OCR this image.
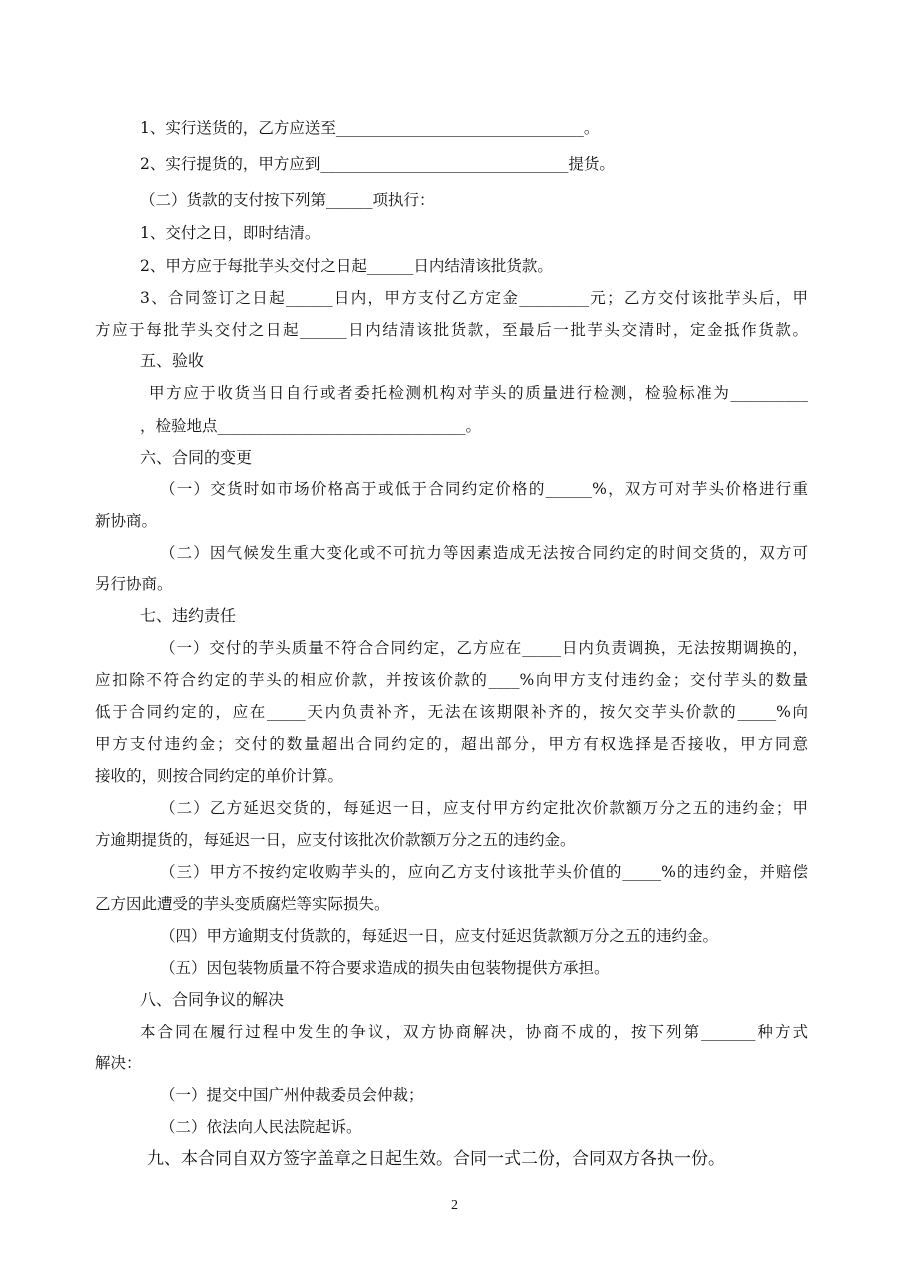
1、实行送货的，乙方应送至________________________________。
2、实行提货的，甲方应到________________________________提货。
（二）货款的支付按下列第______项执行：
1、交付之日，即时结清。
2、甲方应于每批芋头交付之日起______日内结清该批货款。
3、合同签订之日起______日内，甲方支付乙方定金_________元；乙方交付该批芋头后，甲
方应于每批芋头交付之日起______日内结清该批货款，至最后一批芋头交清时，定金抵作货款。
五、验收
甲方应于收货当日自行或者委托检测机构对芋头的质量进行检测，检验标准为__________
，检验地点________________________________。
六、合同的变更
（一）交货时如市场价格高于或低于合同约定价格的______%，双方可对芋头价格进行重
新协商。
（二）因气候发生重大变化或不可抗力等因素造成无法按合同约定的时间交货的，双方可
另行协商。
七、违约责任
（一）交付的芋头质量不符合合同约定，乙方应在_____日内负责调换，无法按期调换的，
应扣除不符合约定的芋头的相应价款，并按该价款的____%向甲方支付违约金；交付芋头的数量
低于合同约定的，应在_____天内负责补齐，无法在该期限补齐的，按欠交芋头价款的_____%向
甲方支付违约金；交付的数量超出合同约定的，超出部分，甲方有权选择是否接收，甲方同意
接收的，则按合同约定的单价计算。
（二）乙方延迟交货的，每延迟一日，应支付甲方约定批次价款额万分之五的违约金；甲
方逾期提货的，每延迟一日，应支付该批次价款额万分之五的违约金。
（三）甲方不按约定收购芋头的，应向乙方支付该批芋头价值的_____%的违约金，并赔偿
乙方因此遭受的芋头变质腐烂等实际损失。
（四）甲方逾期支付货款的，每延迟一日，应支付延迟货款额万分之五的违约金。
（五）因包装物质量不符合要求造成的损失由包装物提供方承担。
八、合同争议的解决
本合同在履行过程中发生的争议，双方协商解决，协商不成的，按下列第_______种方式
解决：
（一）提交中国广州仲裁委员会仲裁；
（二）依法向人民法院起诉。
九、本合同自双方签字盖章之日起生效。合同一式二份，合同双方各执一份。
2
